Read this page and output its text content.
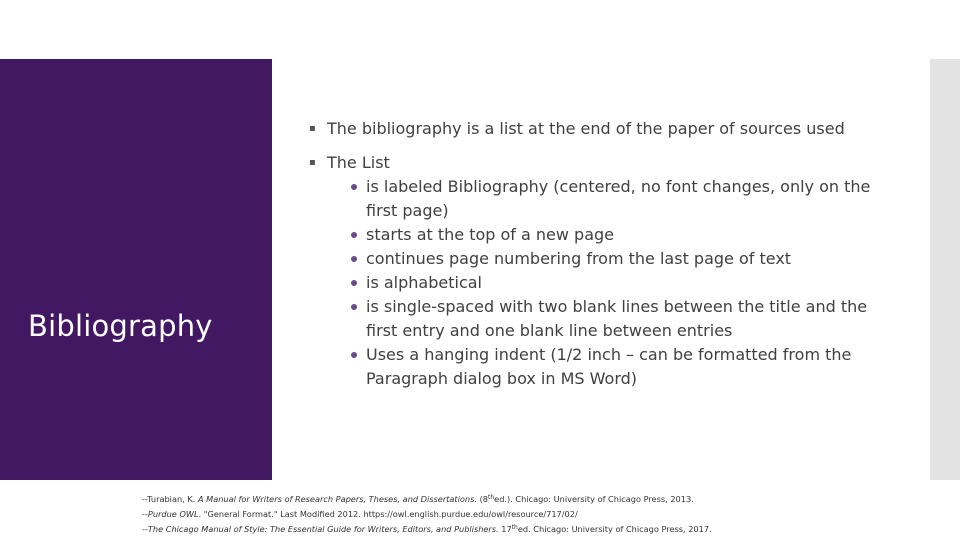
Bibliography
▪ The bibliography is a list at the end of the paper of sources used
▪ The List
is labeled Bibliography (centered, no font changes, only on the first page)
starts at the top of a new page
continues page numbering from the last page of text
is alphabetical
is single-spaced with two blank lines between the title and the first entry and one blank line between entries
Uses a hanging indent (1/2 inch – can be formatted from the Paragraph dialog box in MS Word)
--Turabian, K. A Manual for Writers of Research Papers, Theses, and Dissertations. (8thed.). Chicago: University of Chicago Press, 2013.
--Purdue OWL. "General Format." Last Modified 2012. https://owl.english.purdue.edu/owl/resource/717/02/
--The Chicago Manual of Style: The Essential Guide for Writers, Editors, and Publishers. 17thed. Chicago: University of Chicago Press, 2017.
